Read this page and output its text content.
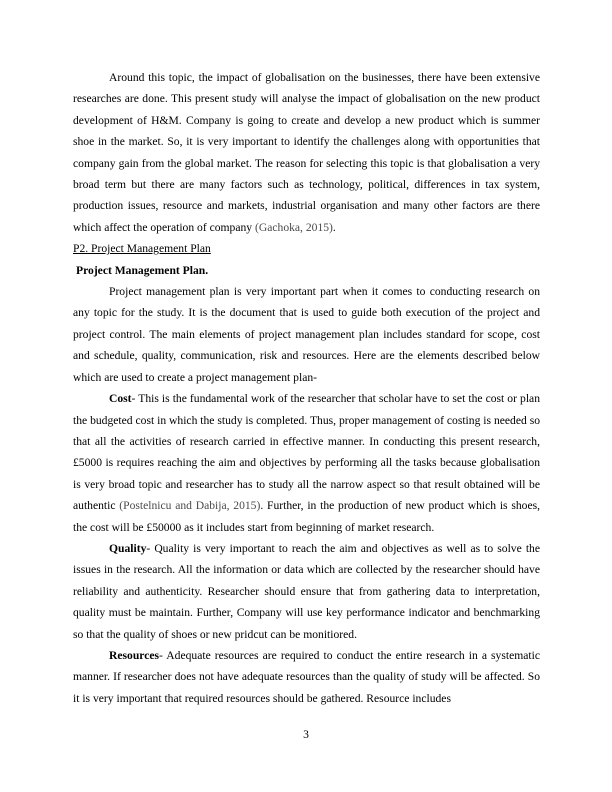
Around this topic, the impact of globalisation on the businesses, there have been extensive researches are done. This present study will analyse the impact of globalisation on the new product development of H&M. Company is going to create and develop a new product which is summer shoe in the market. So, it is very important to identify the challenges along with opportunities that company gain from the global market. The reason for selecting this topic is that globalisation a very broad term but there are many factors such as technology, political, differences in tax system, production issues, resource and markets, industrial organisation and many other factors are there which affect the operation of company (Gachoka, 2015).

P2. Project Management Plan
Project Management Plan.

Project management plan is very important part when it comes to conducting research on any topic for the study. It is the document that is used to guide both execution of the project and project control. The main elements of project management plan includes standard for scope, cost and schedule, quality, communication, risk and resources. Here are the elements described below which are used to create a project management plan-

Cost- This is the fundamental work of the researcher that scholar have to set the cost or plan the budgeted cost in which the study is completed. Thus, proper management of costing is needed so that all the activities of research carried in effective manner. In conducting this present research, £5000 is requires reaching the aim and objectives by performing all the tasks because globalisation is very broad topic and researcher has to study all the narrow aspect so that result obtained will be authentic (Postelnicu and Dabija, 2015). Further, in the production of new product which is shoes, the cost will be £50000 as it includes start from beginning of market research.

Quality- Quality is very important to reach the aim and objectives as well as to solve the issues in the research. All the information or data which are collected by the researcher should have reliability and authenticity. Researcher should ensure that from gathering data to interpretation, quality must be maintain. Further, Company will use key performance indicator and benchmarking so that the quality of shoes or new pridcut can be monitiored.

Resources- Adequate resources are required to conduct the entire research in a systematic manner. If researcher does not have adequate resources than the quality of study will be affected. So it is very important that required resources should be gathered. Resource includes

3
